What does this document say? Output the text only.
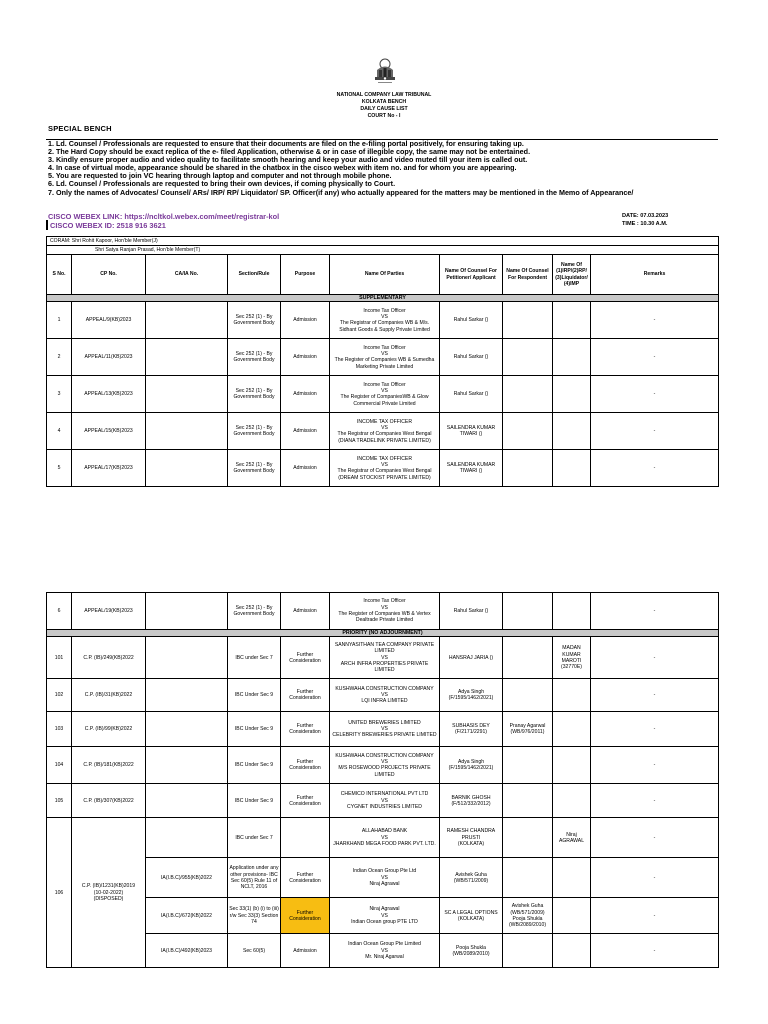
NATIONAL COMPANY LAW TRIBUNAL
KOLKATA BENCH
DAILY CAUSE LIST
COURT No - I
SPECIAL BENCH
1. Ld. Counsel / Professionals are requested to ensure that their documents are filed on the e-filing portal positively, for ensuring taking up.
2. The Hard Copy should be exact replica of the e- filed Application, otherwise & or in case of illegible copy, the same may not be entertained.
3. Kindly ensure proper audio and video quality to facilitate smooth hearing and keep your audio and video muted till your item is called out.
4. In case of virtual mode, appearance should be shared in the chatbox in the cisco webex with item no. and for whom you are appearing.
5. You are requested to join VC hearing through laptop and computer and not through mobile phone.
6. Ld. Counsel / Professionals are requested to bring their own devices, if coming physically to Court.
7. Only the names of Advocates/ Counsel/ ARs/ IRP/ RP/ Liquidator/ SP. Officer(if any) who actually appeared for the matters may be mentioned in the Memo of Appearance/
CISCO WEBEX LINK: https://ncltkol.webex.com/meet/registrar-kol
CISCO WEBEX ID: 2518 916 3621
DATE: 07.03.2023
TIME : 10.30 A.M.
CORAM: Shri Rohit Kapoor, Hon'ble Member(J)									
Shri Satya Ranjan Prasad, Hon'ble Member(T)									
S No.	CP No.	CA/IA No.	Section/Rule	Purpose	Name Of Parties	Name Of Counsel For Petitioner/ Applicant	Name Of Counsel For Respondent	Name Of (1)IRP/(2)RP/ (3)Liquidator/ (4)IMP	Remarks
SUPPLEMENTARY									
1	APPEAL/9(KB)2023		Sec 252 (1) - By Government Body	Admission	Income Tax Officer
VS
The Registrar of Companies WB & M/s. Sidhant Goods & Supply Private Limited	Rahul Sarkar ()			-
2	APPEAL/11(KB)2023		Sec 252 (1) - By Government Body	Admission	Income Tax Officer
VS
The Register of Companies WB & Sumedha Marketing Private Limited	Rahul Sarkar ()			-
3	APPEAL/13(KB)2023		Sec 252 (1) - By Government Body	Admission	Income Tax Officer
VS
The Register of CompaniesWB & Glow Commercial Private Limited	Rahul Sarkar ()			-
4	APPEAL/15(KB)2023		Sec 252 (1) - By Government Body	Admission	INCOME TAX OFFICER
VS
The Registrar of Companies West Bengal (DIANA TRADELINK PRIVATE LIMITED)	SAILENDRA KUMAR TIWARI ()			-
5	APPEAL/17(KB)2023		Sec 252 (1) - By Government Body	Admission	INCOME TAX OFFICER
VS
The Registrar of Companies West Bengal (DREAM STOCKIST PRIVATE LIMITED)	SAILENDRA KUMAR TIWARI ()			-
6	APPEAL/19(KB)2023		Sec 252 (1) - By Government Body	Admission	Income Tax Officer
VS
The Register of Companies WB & Vertex Dealtrade Private Limited	Rahul Sarkar ()			-
PRIORITY (NO ADJOURNMENT)									
101	C.P. (IB)/249(KB)2022		IBC under Sec 7	Further Consideration	SANNYASITHAN TEA COMPANY PRIVATE LIMITED
VS
ARCH INFRA PROPERTIES PRIVATE LIMITED	HANSRAJ JARIA ()		MADAN KUMAR MAROTI (32770E)	-
102	C.P. (IB)/31(KB)2022		IBC Under Sec 9	Further Consideration	KUSHWAHA CONSTRUCTION COMPANY
VS
LQI INFRA LIMITED	Adya Singh
(F/1595/1462/2021)			-
103	C.P. (IB)/99(KB)2022		IBC Under Sec 9	Further Consideration	UNITED BREWERIES LIMITED
VS
CELEBRITY BREWERIES PRIVATE LIMITED	SUBHASIS DEY
(F/2171/2291)	Pranay Agarwal
(WB/976/2011)		-
104	C.P. (IB)/181(KB)2022		IBC Under Sec 9	Further Consideration	KUSHWAHA CONSTRUCTION COMPANY
VS
M/S ROSEWOOD PROJECTS PRIVATE LIMITED	Adya Singh
(F/1595/1462/2021)			-
105	C.P. (IB)/307(KB)2022		IBC Under Sec 9	Further Consideration	CHEMICO INTERNATIONAL PVT LTD
VS
CYGNET INDUSTRIES LIMITED	BARNIK GHOSH
(F/512/332/2012)			-
106	C.P. (IB)/1231(KB)2019
(10-02-2022)
(DISPOSED)		IBC under Sec 7		ALLAHABAD BANK
VS
JHARKHAND MEGA FOOD PARK PVT. LTD.	RAMESH CHANDRA PRUSTI
(KOLKATA)		Niraj AGRAWAL	-
		IA(I.B.C)/955(KB)2022	Application under any other provisions- IBC Sec 60(5) Rule 11 of NCLT, 2016	Further Consideration	Indian Ocean Group Pte Ltd
VS
Niraj Agrawal	Avishek Guha
(WB/571/2009)			-
		IA(I.B.C)/672(KB)2022	Sec 33(1) (b) (i) to (iii) r/w Sec 33(3) Section 74	Further Consideration	Niraj Agrawal
VS
Indian Ocean group PTE LTD	SC A LEGAL OPTIONS
(KOLKATA)	Avishek Guha
(WB/571/2009)
Pooja Shukla
(WB/2089/2010)		-
		IA(I.B.C)/492(KB)2023	Sec 60(5)	Admission	Indian Ocean Group Pte Limited
VS
Mr. Niraj Agarwal	Pooja Shukla
(WB/2089/2010)			-
